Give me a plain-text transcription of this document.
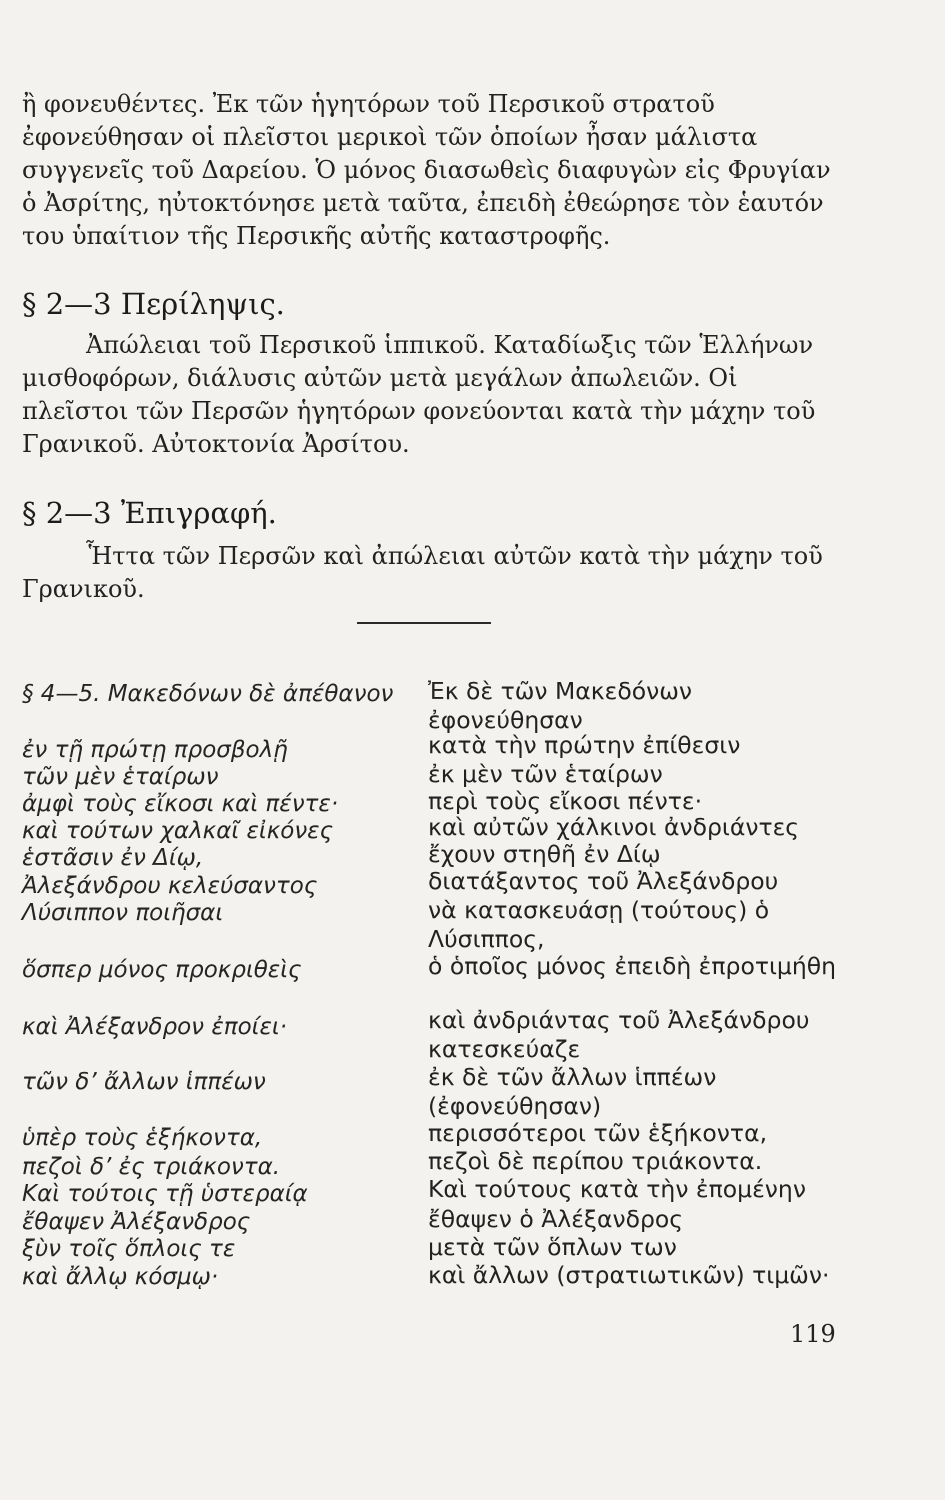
ἢ φονευθέντες. Ἐκ τῶν ἡγητόρων τοῦ Περσικοῦ στρατοῦ ἐφονεύθησαν οἱ πλεῖστοι μερικοὶ τῶν ὁποίων ἦσαν μάλιστα συγγενεῖς τοῦ Δαρείου. Ὁ μόνος διασωθεὶς διαφυγὼν εἰς Φρυγίαν ὁ Ἀσρίτης, ηὐτοκτόνησε μετὰ ταῦτα, ἐπειδὴ ἐθεώρησε τὸν ἑαυτόν του ὑπαίτιον τῆς Περσικῆς αὐτῆς καταστροφῆς.
§ 2—3 Περίληψις.
Ἀπώλειαι τοῦ Περσικοῦ ἱππικοῦ. Καταδίωξις τῶν Ἑλλήνων μισθοφόρων, διάλυσις αὐτῶν μετὰ μεγάλων ἀπωλειῶν. Οἱ πλεῖστοι τῶν Περσῶν ἡγητόρων φονεύονται κατὰ τὴν μάχην τοῦ Γρανικοῦ. Αὐτοκτονία Ἀρσίτου.
§ 2—3 Ἐπιγραφή.
Ἧττα τῶν Περσῶν καὶ ἀπώλειαι αὐτῶν κατὰ τὴν μάχην τοῦ Γρανικοῦ.
§ 4—5. Μακεδόνων δὲ ἀπέθανον
ἐν τῇ πρώτῃ προσβολῇ
τῶν μὲν ἑταίρων
ἀμφὶ τοὺς εἴκοσι καὶ πέντε·
καὶ τούτων χαλκαῖ εἰκόνες
ἑστᾶσιν ἐν Δίῳ,
Ἀλεξάνδρου κελεύσαντος
Λύσιππον ποιῆσαι
ὅσπερ μόνος προκριθεὶς
καὶ Ἀλέξανδρον ἐποίει·
τῶν δ’ ἄλλων ἱππέων
ὑπὲρ τοὺς ἑξήκοντα,
πεζοὶ δ’ ἐς τριάκοντα.
Καὶ τούτοις τῇ ὑστεραίᾳ
ἔθαψεν Ἀλέξανδρος
ξὺν τοῖς ὅπλοις τε
καὶ ἄλλῳ κόσμῳ·
Ἐκ δὲ τῶν Μακεδόνων ἐφονεύθησαν
κατὰ τὴν πρώτην ἐπίθεσιν
ἐκ μὲν τῶν ἑταίρων
περὶ τοὺς εἴκοσι πέντε·
καὶ αὐτῶν χάλκινοι ἀνδριάντες
ἔχουν στηθῆ ἐν Δίῳ
διατάξαντος τοῦ Ἀλεξάνδρου
νὰ κατασκευάσῃ (τούτους) ὁ Λύσιππος,
ὁ ὁποῖος μόνος ἐπειδὴ ἐπροτιμήθη
καὶ ἀνδριάντας τοῦ Ἀλεξάνδρου κατεσκεύαζε
ἐκ δὲ τῶν ἄλλων ἱππέων (ἐφονεύθησαν)
περισσότεροι τῶν ἑξήκοντα,
πεζοὶ δὲ περίπου τριάκοντα.
Καὶ τούτους κατὰ τὴν ἐπομένην
ἔθαψεν ὁ Ἀλέξανδρος
μετὰ τῶν ὅπλων των
καὶ ἄλλων (στρατιωτικῶν) τιμῶν·
119
